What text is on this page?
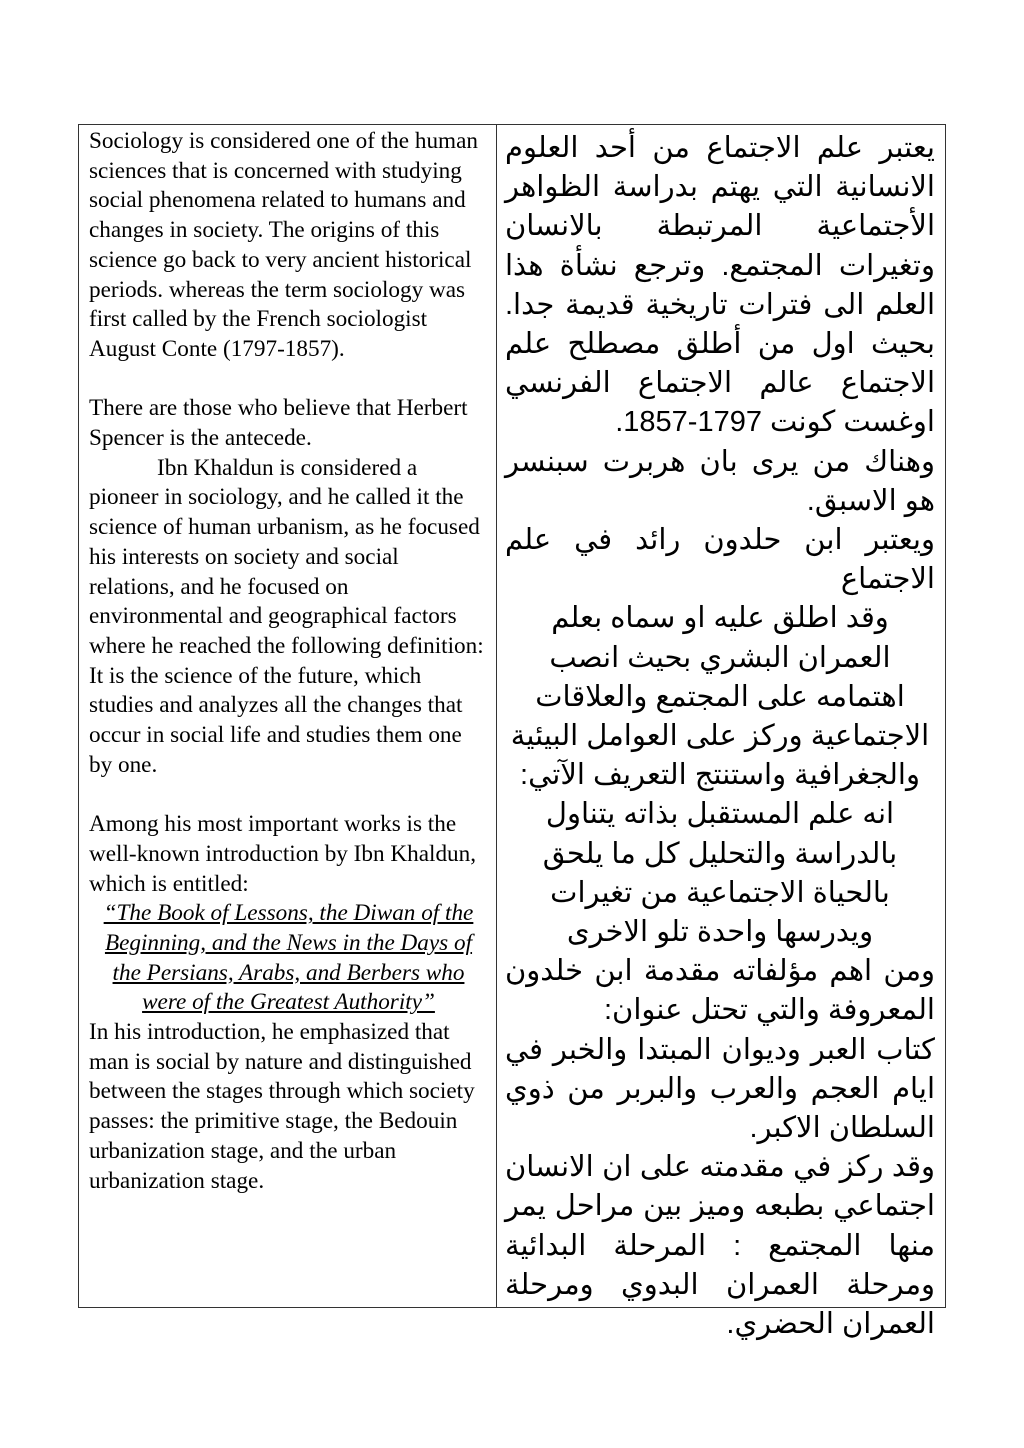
Sociology is considered one of the human sciences that is concerned with studying social phenomena related to humans and changes in society. The origins of this science go back to very ancient historical periods. whereas the term sociology was first called by the French sociologist August Conte (1797-1857).

There are those who believe that Herbert Spencer is the antecede.

Ibn Khaldun is considered a pioneer in sociology, and he called it the science of human urbanism, as he focused his interests on society and social relations, and he focused on environmental and geographical factors where he reached the following definition:

It is the science of the future, which studies and analyzes all the changes that occur in social life and studies them one by one.

Among his most important works is the well-known introduction by Ibn Khaldun, which is entitled:

“The Book of Lessons, the Diwan of the Beginning, and the News in the Days of the Persians, Arabs, and Berbers who were of the Greatest Authority”

In his introduction, he emphasized that man is social by nature and distinguished between the stages through which society passes: the primitive stage, the Bedouin urbanization stage, and the urban urbanization stage.

يعتبر علم الاجتماع من أحد العلوم الانسانية التي يهتم بدراسة الظواهر الأجتماعية المرتبطة بالانسان وتغيرات المجتمع. وترجع نشأة هذا العلم الى فترات تاريخية قديمة جدا. بحيث اول من أطلق مصطلح علم الاجتماع عالم الاجتماع الفرنسي اوغست كونت 1797-1857.

وهناك من يرى بان هربرت سبنسر هو الاسبق.

ويعتبر ابن حلدون رائد في علم الاجتماع

وقد اطلق عليه او سماه بعلم العمران البشري بحيث انصب اهتمامه على المجتمع والعلاقات الاجتماعية وركز على العوامل البيئية والجغرافية واستنتج التعريف الآتي: انه علم المستقبل بذاته يتناول بالدراسة والتحليل كل ما يلحق بالحياة الاجتماعية من تغيرات ويدرسها واحدة تلو الاخرى

ومن اهم مؤلفاته مقدمة ابن خلدون المعروفة والتي تحتل عنوان:

كتاب العبر وديوان المبتدا والخبر في ايام العجم والعرب والبربر من ذوي السلطان الاكبر.

وقد ركز في مقدمته على ان الانسان اجتماعي بطبعه وميز بين مراحل يمر منها المجتمع : المرحلة البدائية ومرحلة العمران البدوي ومرحلة العمران الحضري.
